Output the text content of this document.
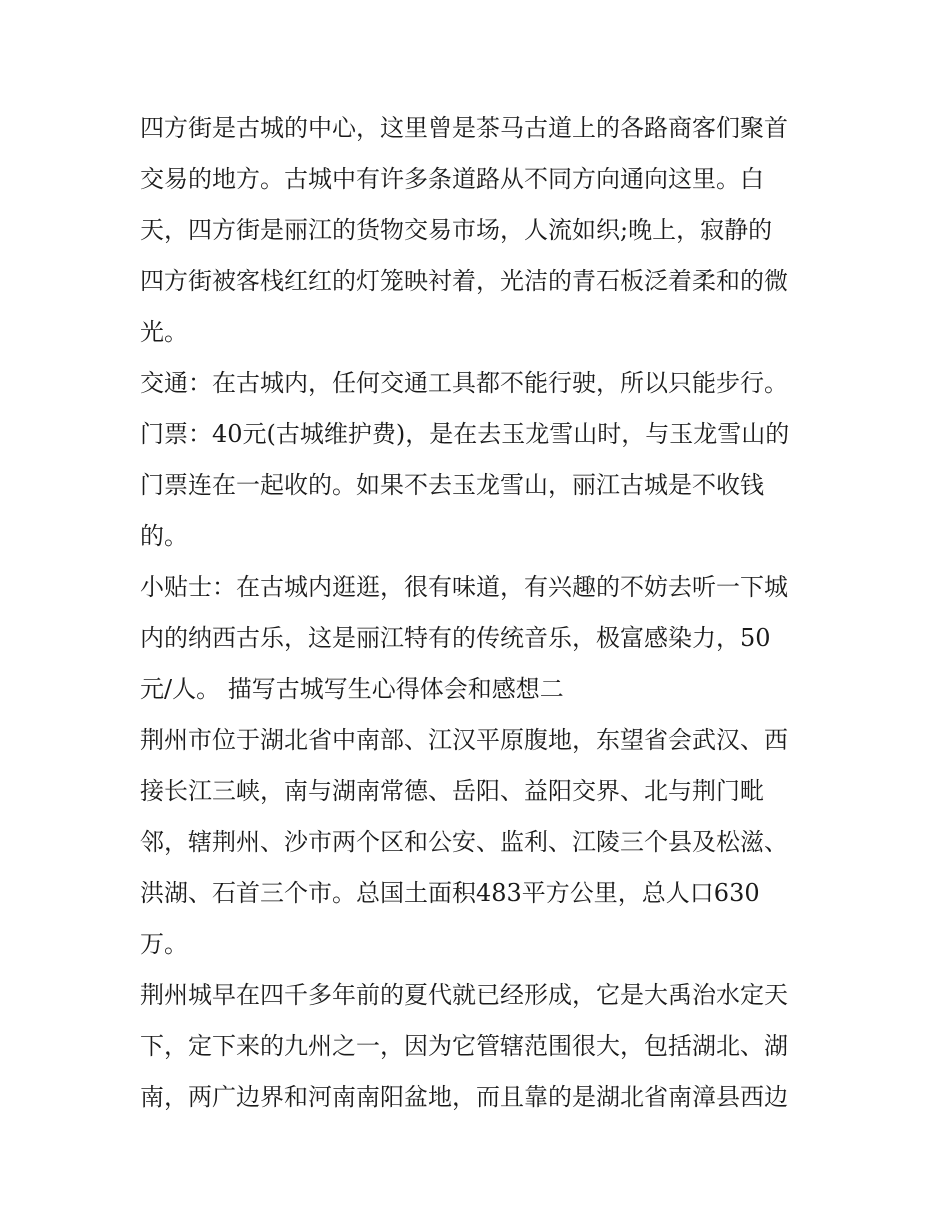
四方街是古城的中心，这里曾是茶马古道上的各路商客们聚首
交易的地方。古城中有许多条道路从不同方向通向这里。白
天，四方街是丽江的货物交易市场，人流如织;晚上，寂静的
四方街被客栈红红的灯笼映衬着，光洁的青石板泛着柔和的微
光。
交通：在古城内，任何交通工具都不能行驶，所以只能步行。
门票：40元(古城维护费)，是在去玉龙雪山时，与玉龙雪山的
门票连在一起收的。如果不去玉龙雪山，丽江古城是不收钱
的。
小贴士：在古城内逛逛，很有味道，有兴趣的不妨去听一下城
内的纳西古乐，这是丽江特有的传统音乐，极富感染力，50
元/人。 描写古城写生心得体会和感想二
荆州市位于湖北省中南部、江汉平原腹地，东望省会武汉、西
接长江三峡，南与湖南常德、岳阳、益阳交界、北与荆门毗
邻，辖荆州、沙市两个区和公安、监利、江陵三个县及松滋、
洪湖、石首三个市。总国土面积483平方公里，总人口630
万。
荆州城早在四千多年前的夏代就已经形成，它是大禹治水定天
下，定下来的九州之一，因为它管辖范围很大，包括湖北、湖
南，两广边界和河南南阳盆地，而且靠的是湖北省南漳县西边
